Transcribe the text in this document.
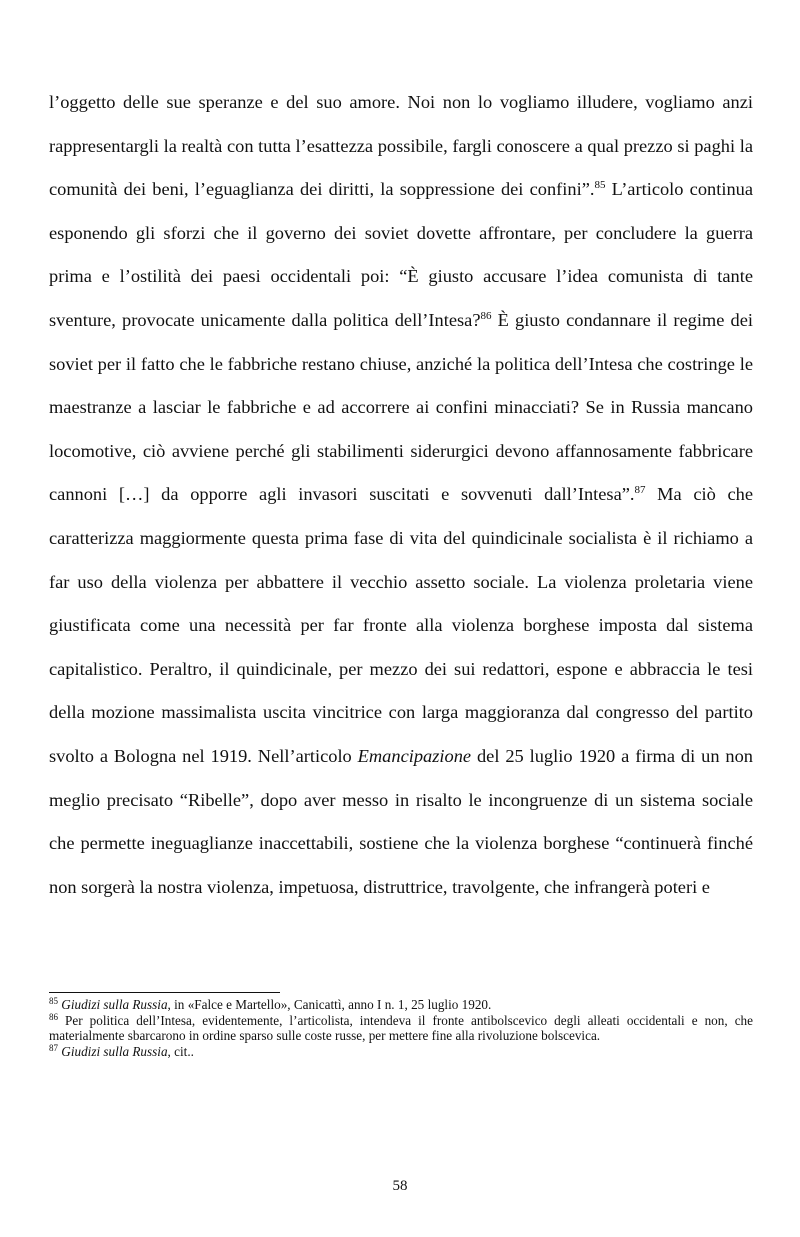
l’oggetto delle sue speranze e del suo amore. Noi non lo vogliamo illudere, vogliamo anzi rappresentargli la realtà con tutta l’esattezza possibile, fargli conoscere a qual prezzo si paghi la comunità dei beni, l’eguaglianza dei diritti, la soppressione dei confini”.$^{85}$ L’articolo continua esponendo gli sforzi che il governo dei soviet dovette affrontare, per concludere la guerra prima e l’ostilità dei paesi occidentali poi: “È giusto accusare l’idea comunista di tante sventure, provocate unicamente dalla politica dell’Intesa?$^{86}$ È giusto condannare il regime dei soviet per il fatto che le fabbriche restano chiuse, anziché la politica dell’Intesa che costringe le maestranze a lasciar le fabbriche e ad accorrere ai confini minacciati? Se in Russia mancano locomotive, ciò avviene perché gli stabilimenti siderurgici devono affannosamente fabbricare cannoni […] da opporre agli invasori suscitati e sovvenuti dall’Intesa”.$^{87}$ Ma ciò che caratterizza maggiormente questa prima fase di vita del quindicinale socialista è il richiamo a far uso della violenza per abbattere il vecchio assetto sociale. La violenza proletaria viene giustificata come una necessità per far fronte alla violenza borghese imposta dal sistema capitalistico. Peraltro, il quindicinale, per mezzo dei sui redattori, espone e abbraccia le tesi della mozione massimalista uscita vincitrice con larga maggioranza dal congresso del partito svolto a Bologna nel 1919. Nell’articolo Emancipazione del 25 luglio 1920 a firma di un non meglio precisato “Ribelle”, dopo aver messo in risalto le incongruenze di un sistema sociale che permette ineguaglianze inaccettabili, sostiene che la violenza borghese “continuerà finché non sorgerà la nostra violenza, impetuosa, distruttrice, travolgente, che infrangerà poteri e

$^{85}$ Giudizi sulla Russia, in «Falce e Martello», Canicattì, anno I n. 1, 25 luglio 1920.

$^{86}$ Per politica dell’Intesa, evidentemente, l’articolista, intendeva il fronte antibolscevico degli alleati occidentali e non, che materialmente sbarcarono in ordine sparso sulle coste russe, per mettere fine alla rivoluzione bolscevica.

$^{87}$ Giudizi sulla Russia, cit..

58
